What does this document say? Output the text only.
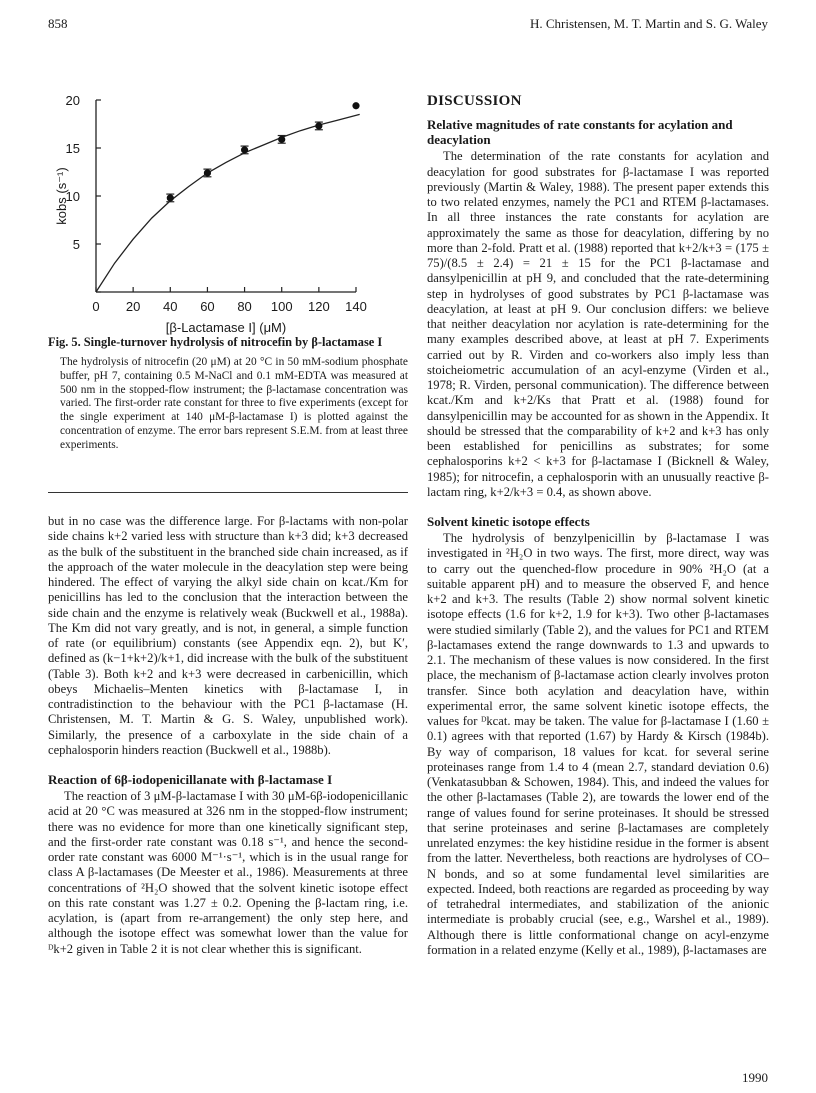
858	H. Christensen, M. T. Martin and S. G. Waley
0 20 40 60 80 100 120 140
5
10
15
20
[β-Lactamase I] (μM)
kobs (s⁻¹)
Fig. 5. Single-turnover hydrolysis of nitrocefin by β-lactamase I
The hydrolysis of nitrocefin (20 μM) at 20 °C in 50 mM-sodium phosphate buffer, pH 7, containing 0.5 M-NaCl and 0.1 mM-EDTA was measured at 500 nm in the stopped-flow instrument; the β-lactamase concentration was varied. The first-order rate constant for three to five experiments (except for the single experiment at 140 μM-β-lactamase I) is plotted against the concentration of enzyme. The error bars represent S.E.M. from at least three experiments.

but in no case was the difference large. For β-lactams with non-polar side chains k+2 varied less with structure than k+3 did; k+3 decreased as the bulk of the substituent in the branched side chain increased, as if the approach of the water molecule in the deacylation step were being hindered. The effect of varying the alkyl side chain on kcat./Km for penicillins has led to the conclusion that the interaction between the side chain and the enzyme is relatively weak (Buckwell et al., 1988a). The Km did not vary greatly, and is not, in general, a simple function of rate (or equilibrium) constants (see Appendix eqn. 2), but K′, defined as (k−1+k+2)/k+1, did increase with the bulk of the substituent (Table 3). Both k+2 and k+3 were decreased in carbenicillin, which obeys Michaelis–Menten kinetics with β-lactamase I, in contradistinction to the behaviour with the PC1 β-lactamase (H. Christensen, M. T. Martin & G. S. Waley, unpublished work). Similarly, the presence of a carboxylate in the side chain of a cephalosporin hinders reaction (Buckwell et al., 1988b).

Reaction of 6β-iodopenicillanate with β-lactamase I

The reaction of 3 μM-β-lactamase I with 30 μM-6β-iodopenicillanic acid at 20 °C was measured at 326 nm in the stopped-flow instrument; there was no evidence for more than one kinetically significant step, and the first-order rate constant was 0.18 s⁻¹, and hence the second-order rate constant was 6000 M⁻¹·s⁻¹, which is in the usual range for class A β-lactamases (De Meester et al., 1986). Measurements at three concentrations of ²H₂O showed that the solvent kinetic isotope effect on this rate constant was 1.27 ± 0.2. Opening the β-lactam ring, i.e. acylation, is (apart from re-arrangement) the only step here, and although the isotope effect was somewhat lower than the value for ᴰk+2 given in Table 2 it is not clear whether this is significant.

DISCUSSION
Relative magnitudes of rate constants for acylation and deacylation

The determination of the rate constants for acylation and deacylation for good substrates for β-lactamase I was reported previously (Martin & Waley, 1988). The present paper extends this to two related enzymes, namely the PC1 and RTEM β-lactamases. In all three instances the rate constants for acylation are approximately the same as those for deacylation, differing by no more than 2-fold. Pratt et al. (1988) reported that k+2/k+3 = (175 ± 75)/(8.5 ± 2.4) = 21 ± 15 for the PC1 β-lactamase and dansylpenicillin at pH 9, and concluded that the rate-determining step in hydrolyses of good substrates by PC1 β-lactamase was deacylation, at least at pH 9. Our conclusion differs: we believe that neither deacylation nor acylation is rate-determining for the many examples described above, at least at pH 7. Experiments carried out by R. Virden and co-workers also imply less than stoicheiometric accumulation of an acyl-enzyme (Virden et al., 1978; R. Virden, personal communication). The difference between kcat./Km and k+2/Ks that Pratt et al. (1988) found for dansylpenicillin may be accounted for as shown in the Appendix. It should be stressed that the comparability of k+2 and k+3 has only been established for penicillins as substrates; for some cephalosporins k+2 < k+3 for β-lactamase I (Bicknell & Waley, 1985); for nitrocefin, a cephalosporin with an unusually reactive β-lactam ring, k+2/k+3 = 0.4, as shown above.

Solvent kinetic isotope effects

The hydrolysis of benzylpenicillin by β-lactamase I was investigated in ²H₂O in two ways. The first, more direct, way was to carry out the quenched-flow procedure in 90% ²H₂O (at a suitable apparent pH) and to measure the observed F, and hence k+2 and k+3. The results (Table 2) show normal solvent kinetic isotope effects (1.6 for k+2, 1.9 for k+3). Two other β-lactamases were studied similarly (Table 2), and the values for PC1 and RTEM β-lactamases extend the range downwards to 1.3 and upwards to 2.1. The mechanism of these values is now considered. In the first place, the mechanism of β-lactamase action clearly involves proton transfer. Since both acylation and deacylation have, within experimental error, the same solvent kinetic isotope effects, the values for ᴰkcat. may be taken. The value for β-lactamase I (1.60 ± 0.1) agrees with that reported (1.67) by Hardy & Kirsch (1984b). By way of comparison, 18 values for kcat. for several serine proteinases range from 1.4 to 4 (mean 2.7, standard deviation 0.6) (Venkatasubban & Schowen, 1984). This, and indeed the values for the other β-lactamases (Table 2), are towards the lower end of the range of values found for serine proteinases. It should be stressed that serine proteinases and serine β-lactamases are completely unrelated enzymes: the key histidine residue in the former is absent from the latter. Nevertheless, both reactions are hydrolyses of CO–N bonds, and so at some fundamental level similarities are expected. Indeed, both reactions are regarded as proceeding by way of tetrahedral intermediates, and stabilization of the anionic intermediate is probably crucial (see, e.g., Warshel et al., 1989). Although there is little conformational change on acyl-enzyme formation in a related enzyme (Kelly et al., 1989), β-lactamases are

1990
